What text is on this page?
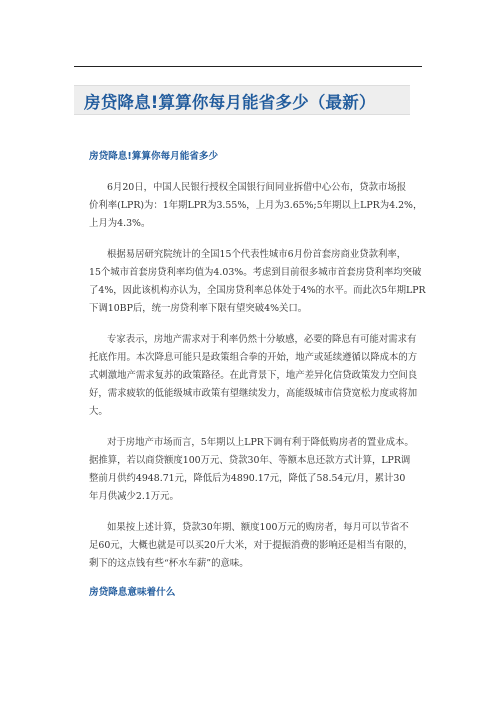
房贷降息!算算你每月能省多少（最新）
房贷降息!算算你每月能省多少
6月20日，中国人民银行授权全国银行间同业拆借中心公布，贷款市场报
价利率(LPR)为：1年期LPR为3.55%，上月为3.65%;5年期以上LPR为4.2%，
上月为4.3%。
根据易居研究院统计的全国15个代表性城市6月份首套房商业贷款利率，
15个城市首套房贷利率均值为4.03%。考虑到目前很多城市首套房贷利率均突破
了4%，因此该机构亦认为，全国房贷利率总体处于4%的水平。而此次5年期LPR
下调10BP后，统一房贷利率下限有望突破4%关口。
专家表示，房地产需求对于利率仍然十分敏感，必要的降息有可能对需求有
托底作用。本次降息可能只是政策组合拳的开始，地产或延续遵循以降成本的方
式刺激地产需求复苏的政策路径。在此背景下，地产差异化信贷政策发力空间良
好，需求疲软的低能级城市政策有望继续发力，高能级城市信贷宽松力度或将加
大。
对于房地产市场而言，5年期以上LPR下调有利于降低购房者的置业成本。
据推算，若以商贷额度100万元、贷款30年、等额本息还款方式计算，LPR调
整前月供约4948.71元，降低后为4890.17元，降低了58.54元/月，累计30
年月供减少2.1万元。
如果按上述计算，贷款30年期、额度100万元的购房者，每月可以节省不
足60元，大概也就是可以买20斤大米，对于提振消费的影响还是相当有限的，
剩下的这点钱有些“杯水车薪”的意味。
房贷降息意味着什么
